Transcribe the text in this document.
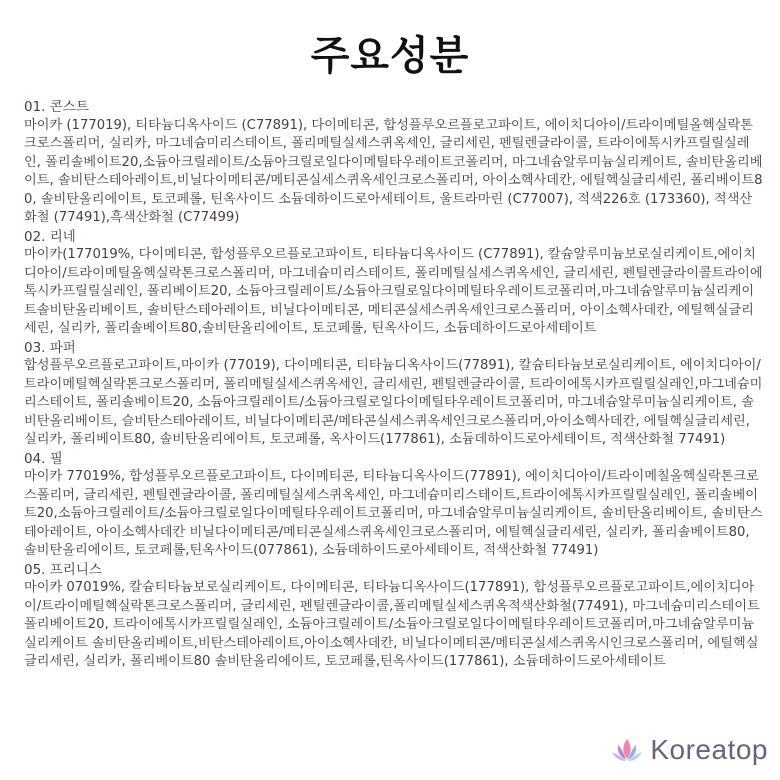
주요성분
01. 콘스트
마이카 (177019), 티타늄디옥사이드 (C77891), 다이메티콘, 합성플루오르플로고파이트, 에이치디아이/트라이메틸올헥실락톤크로스폴리머, 실리카, 마그네슘미리스테이트, 폴리메틸실세스퀴옥세인, 글리세린, 펜틸렌글라이콜, 트라이에톡시카프릴릴실레인, 폴리솔베이트20,소듐아크릴레이트/소듐아크릴로일다이메틸타우레이트코폴리머, 마그네슘알루미늄실리케이트, 솔비탄올리베이트, 솔비탄스테아레이트,비닐다이메티콘/메티콘실세스퀴옥세인크로스폴리머, 아이소헥사데칸, 에틸헥실글리세린, 폴리베이트80, 솔비탄올리에이트, 토코페롤, 틴옥사이드 소듐데하이드로아세테이트, 울트라마린 (C77007), 적색226호 (173360), 적색산화철 (77491),흑색산화철 (C77499)
02. 리네
마이카(177019%, 다이메티콘, 합성플루오르플로고파이트, 티타늄디옥사이드 (C77891), 칼슘알루미늄보로실리케이트,에이치디아이/트라이메틸올헥실락톤크로스폴리머, 마그네슘미리스테이트, 폴리메틸실세스퀴옥세인, 글리세린, 펜틸렌글라이콜트라이에톡시카프릴릴실레인, 폴리베이트20, 소듐아크릴레이트/소듐아크릴로일다이메틸타우레이트코폴리머,마그네슘알루미늄실리케이트솔비탄올리베이트, 솔비탄스테아레이트, 비닐다이메티콘, 메티콘실세스퀴옥세인크로스폴리머, 아이소헥사데칸, 에틸헥실글리세린, 실리카, 폴리솔베이트80,솔비탄올리에이트, 토코페롤, 틴옥사이드, 소듐데하이드로아세테이트
03. 파퍼
합성플루오르플로고파이트,마이카 (77019), 다이메티콘, 티타늄디옥사이드(77891), 칼슘티타늄보로실리케이트, 에이치디아이/트라이메틸헥실락톤크로스폴리머, 폴리메틸실세스퀴옥세인, 글리세린, 펜틸렌글라이콜, 트라이에톡시카프릴릴실레인,마그네슘미리스테이트, 폴리솔베이트20, 소듐아크릴레이트/소듐아크릴로일다이메틸타우레이트코폴리머, 마그네슘알루미늄실리케이트, 솔비탄올리베이트, 슬비탄스테아레이트, 비닐다이메티콘/메타콘실세스퀴옥세인크로스폴리머,아이소헥사데칸, 에틸헥실글리세린, 실리카, 폴리베이트80, 솔비탄올리에이트, 토코페롤, 옥사이드(177861), 소듐데하이드로아세테이트, 적색산화철 77491)
04. 필
마이카 77019%, 합성플루오르플로고파이트, 다이메티콘, 티타늄디옥사이드(77891), 에이치디아이/트라이메칠올헥실락톤크로스폴리머, 글리세린, 펜틸렌글라이콜, 폴리메틸실세스퀴옥세인, 마그네슘미리스테이트,트라이에톡시카프릴릴실레인, 폴리솔베이트20,소듐아크릴레이트/소듐아크릴로일다이메틸타우레이트코폴리머, 마그네슘알루미늄실리케이트, 솔비탄올리베이트, 솔비탄스테아레이트, 아이소헥사데칸 비닐다이메티콘/메티콘실세스퀴옥세인크로스폴리머, 에틸헥실글리세린, 실리카, 폴리솔베이트80, 솔비탄올리에이트, 토코페롤,틴옥사이드(077861), 소듐데하이드로아세테이트, 적색산화철 77491)
05. 프리니스
마이카 07019%, 칼슘티타늄보로실리케이트, 다이메티콘, 티타늄디옥사이드(177891), 합성플루오르플로고파이트,에이치디아이/트라이메틸헥실락톤크로스폴리머, 글리세린, 펜틸렌글라이콜,폴리메틸실세스퀴옥적색산화철(77491), 마그네슘미리스테이트 폴리베이트20, 트라이에톡시카프릴릴실레인, 소듐아크릴레이트/소듐아크릴로일다이메틸타우레이트코폴리머,마그네슘알루미늄실리케이트 솔비탄올리베이트,비탄스테아레이트,아이소헥사데칸, 비닐다이메티콘/메티콘실세스퀴옥시인크로스폴리머, 에틸헥실글리세린, 실리카, 폴리베이트80 솔비탄올리에이트, 토코페롤,틴옥사이드(177861), 소듐데하이드로아세테이트
Koreatop
